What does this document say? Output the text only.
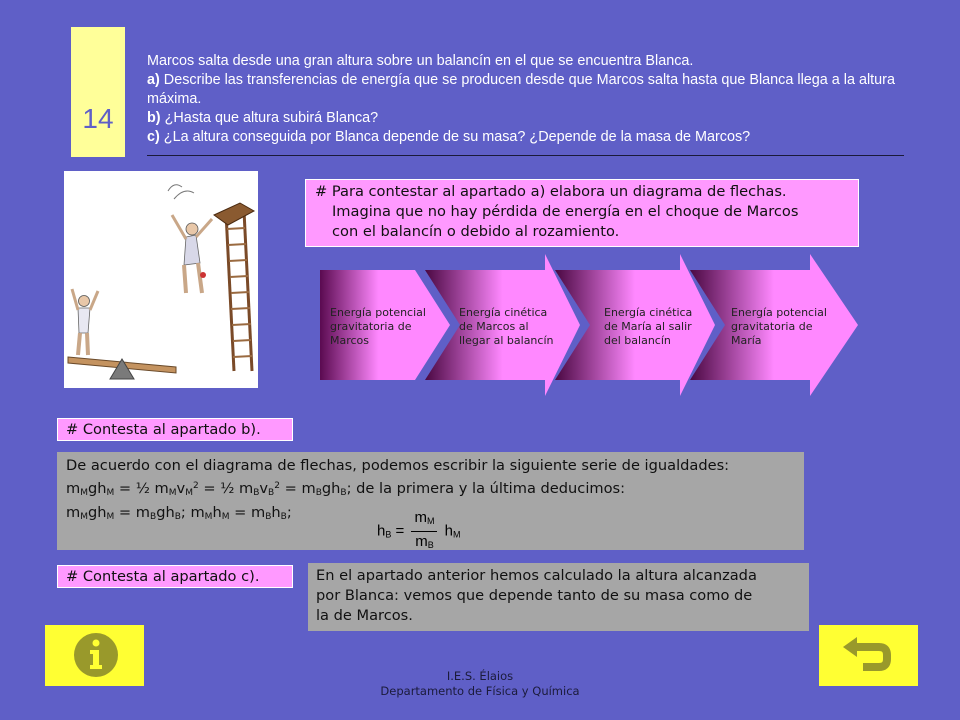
14
Marcos salta desde una gran altura sobre un balancín en el que se encuentra Blanca.
a) Describe las transferencias de energía que se producen desde que Marcos salta hasta que Blanca llega a la altura máxima.
b) ¿Hasta que altura subirá Blanca?
c) ¿La altura conseguida por Blanca depende de su masa? ¿Depende de la masa de Marcos?
# Para contestar al apartado a) elabora un diagrama de flechas.
Imagina que no hay pérdida de energía en el choque de Marcos
con el balancín o debido al rozamiento.
Energía potencial
gravitatoria de
Marcos
Energía cinética
de Marcos al
llegar al balancín
Energía cinética
de María al salir
del balancín
Energía potencial
gravitatoria de
María
# Contesta al apartado b).
De acuerdo con el diagrama de flechas, podemos escribir la siguiente serie de igualdades:
$m_Mgh_M$ = ½ $m_Mv_M^2$ = ½ $m_Bv_B^2 = m_Bgh_B$; de la primera y la última deducimos:
$m_Mgh_M = m_Bgh_B$; $m_Mh_M = m_Bh_B$;
$h_B = \frac{m_M}{m_B} h_M$
# Contesta al apartado c).	En el apartado anterior hemos calculado la altura alcanzada
por Blanca: vemos que depende tanto de su masa como de
la de Marcos.
I.E.S. Élaios
Departamento de Física y Química
